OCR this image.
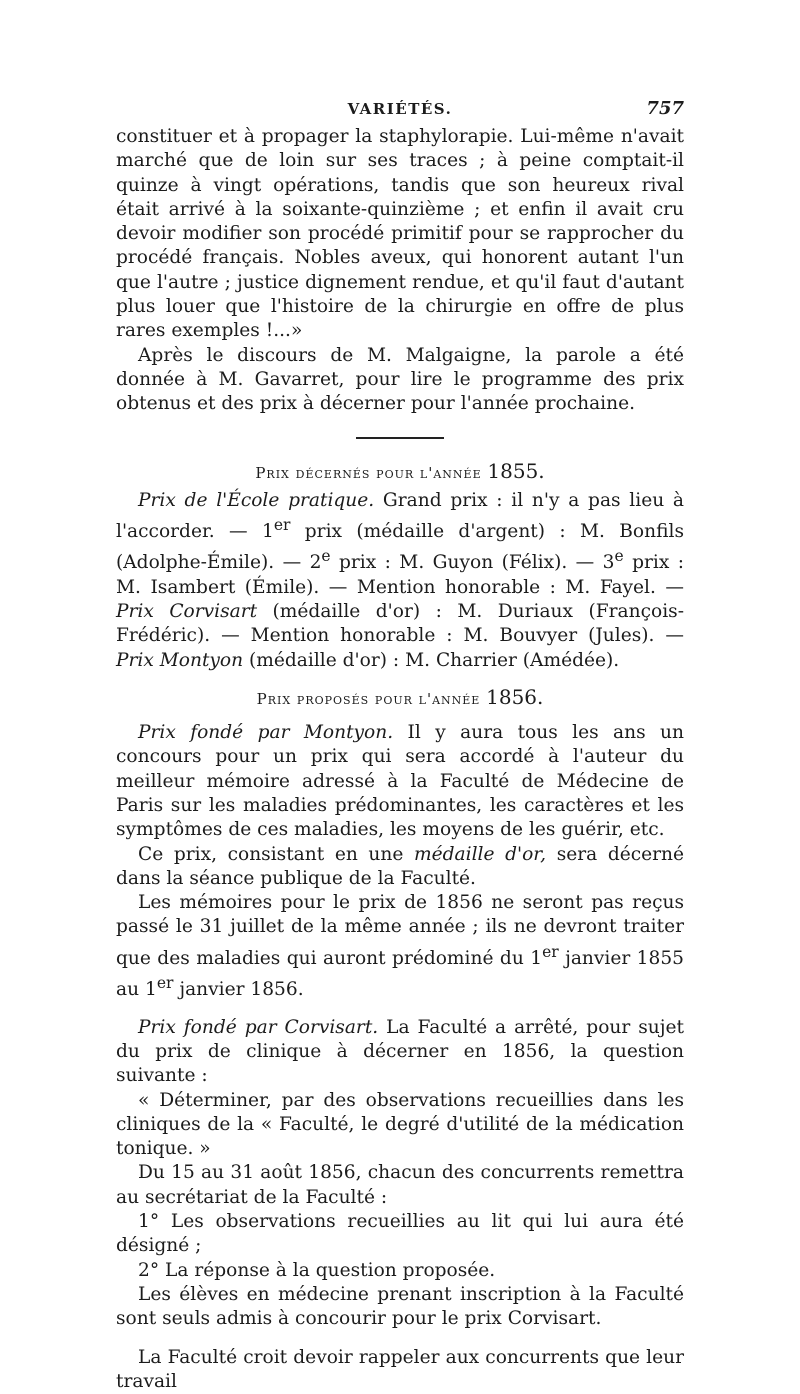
VARIÉTÉS.	757

constituer et à propager la staphylorapie. Lui-même n'avait marché que de loin sur ses traces ; à peine comptait-il quinze à vingt opérations, tandis que son heureux rival était arrivé à la soixante-quinzième ; et enfin il avait cru devoir modifier son procédé primitif pour se rapprocher du procédé français. Nobles aveux, qui honorent autant l'un que l'autre ; justice dignement rendue, et qu'il faut d'autant plus louer que l'histoire de la chirurgie en offre de plus rares exemples !...»

Après le discours de M. Malgaigne, la parole a été donnée à M. Gavarret, pour lire le programme des prix obtenus et des prix à décerner pour l'année prochaine.

Prix décernés pour l'année 1855.

Prix de l'École pratique. Grand prix : il n'y a pas lieu à l'accorder. — 1er prix (médaille d'argent) : M. Bonfils (Adolphe-Émile). — 2e prix : M. Guyon (Félix). — 3e prix : M. Isambert (Émile). — Mention honorable : M. Fayel. — Prix Corvisart (médaille d'or) : M. Duriaux (François-Frédéric). — Mention honorable : M. Bouvyer (Jules). — Prix Montyon (médaille d'or) : M. Charrier (Amédée).

Prix proposés pour l'année 1856.

Prix fondé par Montyon. Il y aura tous les ans un concours pour un prix qui sera accordé à l'auteur du meilleur mémoire adressé à la Faculté de Médecine de Paris sur les maladies prédominantes, les caractères et les symptômes de ces maladies, les moyens de les guérir, etc.

Ce prix, consistant en une médaille d'or, sera décerné dans la séance publique de la Faculté.

Les mémoires pour le prix de 1856 ne seront pas reçus passé le 31 juillet de la même année ; ils ne devront traiter que des maladies qui auront prédominé du 1er janvier 1855 au 1er janvier 1856.

Prix fondé par Corvisart. La Faculté a arrêté, pour sujet du prix de clinique à décerner en 1856, la question suivante :

« Déterminer, par des observations recueillies dans les cliniques de la « Faculté, le degré d'utilité de la médication tonique. »

Du 15 au 31 août 1856, chacun des concurrents remettra au secrétariat de la Faculté :

1° Les observations recueillies au lit qui lui aura été désigné ;

2° La réponse à la question proposée.

Les élèves en médecine prenant inscription à la Faculté sont seuls admis à concourir pour le prix Corvisart.

La Faculté croit devoir rappeler aux concurrents que leur travail
